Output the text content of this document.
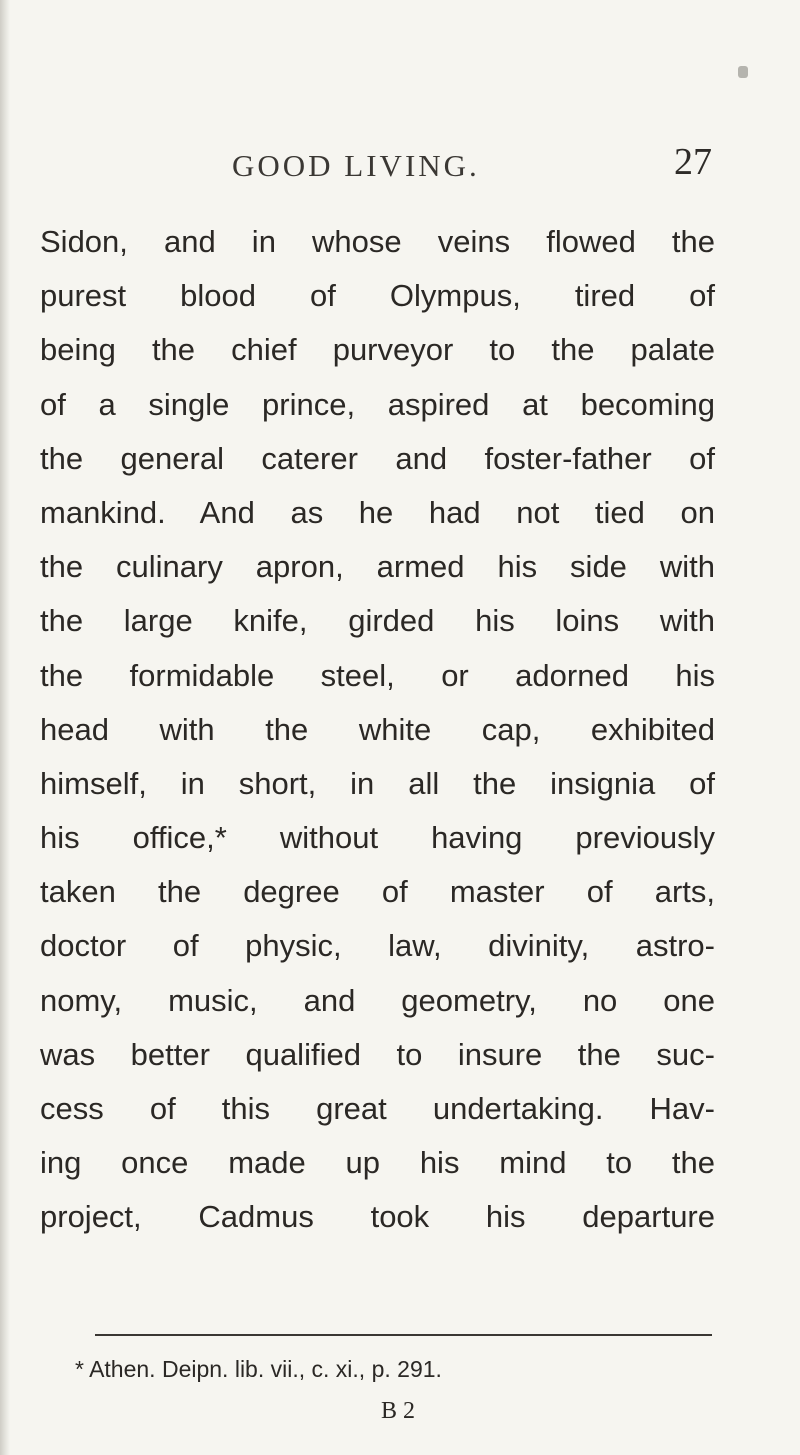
GOOD LIVING.	27
Sidon, and in whose veins flowed the
purest blood of Olympus, tired of
being the chief purveyor to the palate
of a single prince, aspired at becoming
the general caterer and foster-father of
mankind. And as he had not tied on
the culinary apron, armed his side with
the large knife, girded his loins with
the formidable steel, or adorned his
head with the white cap, exhibited
himself, in short, in all the insignia of
his office,* without having previously
taken the degree of master of arts,
doctor of physic, law, divinity, astro-
nomy, music, and geometry, no one
was better qualified to insure the suc-
cess of this great undertaking. Hav-
ing once made up his mind to the
project, Cadmus took his departure
* Athen. Deipn. lib. vii., c. xi., p. 291.
B 2
